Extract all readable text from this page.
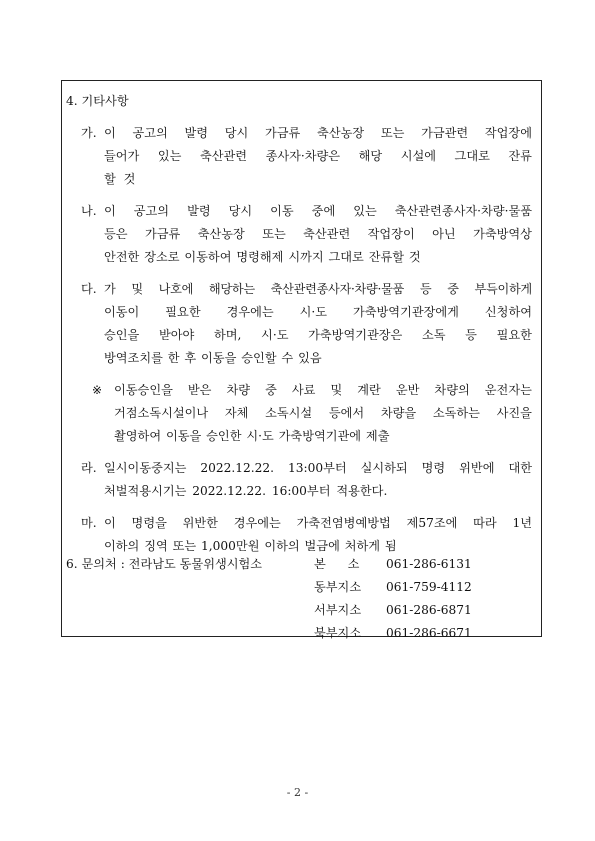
4. 기타사항
가. 이 공고의 발령 당시 가금류 축산농장 또는 가금관련 작업장에
들어가 있는 축산관련 종사자·차량은 해당 시설에 그대로 잔류
할 것
나. 이 공고의 발령 당시 이동 중에 있는 축산관련종사자·차량·물품
등은 가금류 축산농장 또는 축산관련 작업장이 아닌 가축방역상
안전한 장소로 이동하여 명령해제 시까지 그대로 잔류할 것
다. 가 및 나호에 해당하는 축산관련종사자·차량·물품 등 중 부득이하게
이동이 필요한 경우에는 시·도 가축방역기관장에게 신청하여
승인을 받아야 하며, 시·도 가축방역기관장은 소독 등 필요한
방역조치를 한 후 이동을 승인할 수 있음
※ 이동승인을 받은 차량 중 사료 및 계란 운반 차량의 운전자는
거점소독시설이나 자체 소독시설 등에서 차량을 소독하는 사진을
촬영하여 이동을 승인한 시·도 가축방역기관에 제출
라. 일시이동중지는 2022.12.22. 13:00부터 실시하되 명령 위반에 대한
처벌적용시기는 2022.12.22. 16:00부터 적용한다.
마. 이 명령을 위반한 경우에는 가축전염병예방법 제57조에 따라 1년
이하의 징역 또는 1,000만원 이하의 벌금에 처하게 됨
6. 문의처 : 전라남도 동물위생시험소	본 소 061-286-6131
동부지소 061-759-4112
서부지소 061-286-6871
북부지소 061-286-6671
- 2 -
